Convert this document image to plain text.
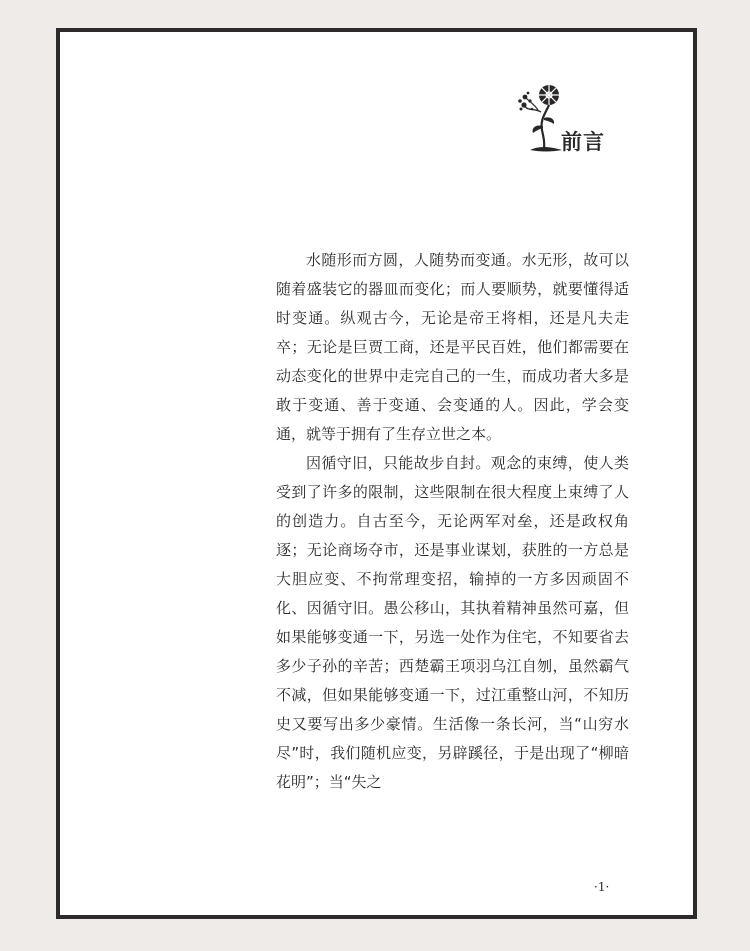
前言

水随形而方圆，人随势而变通。水无形，故可以随着盛装它的器皿而变化；而人要顺势，就要懂得适时变通。纵观古今，无论是帝王将相，还是凡夫走卒；无论是巨贾工商，还是平民百姓，他们都需要在动态变化的世界中走完自己的一生，而成功者大多是敢于变通、善于变通、会变通的人。因此，学会变通，就等于拥有了生存立世之本。

因循守旧，只能故步自封。观念的束缚，使人类受到了许多的限制，这些限制在很大程度上束缚了人的创造力。自古至今，无论两军对垒，还是政权角逐；无论商场夺市，还是事业谋划，获胜的一方总是大胆应变、不拘常理变招，输掉的一方多因顽固不化、因循守旧。愚公移山，其执着精神虽然可嘉，但如果能够变通一下，另选一处作为住宅，不知要省去多少子孙的辛苦；西楚霸王项羽乌江自刎，虽然霸气不减，但如果能够变通一下，过江重整山河，不知历史又要写出多少豪情。生活像一条长河，当“山穷水尽”时，我们随机应变，另辟蹊径，于是出现了“柳暗花明”；当“失之

·1·
